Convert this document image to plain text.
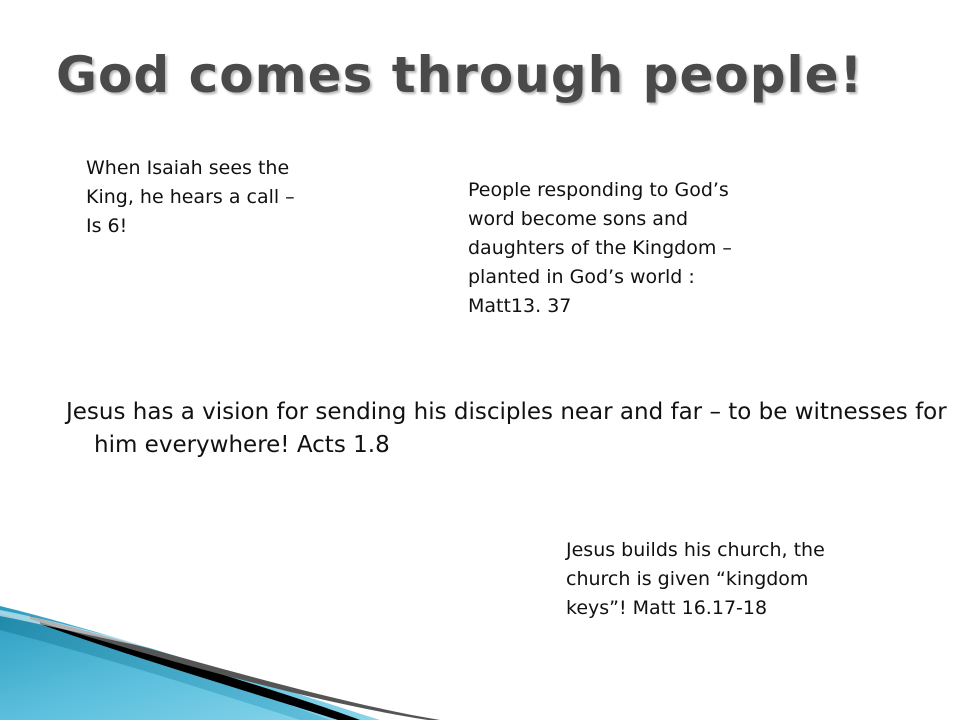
God comes through people!

When Isaiah sees the King, he hears a call – Is 6!

People responding to God’s word become sons and daughters of the Kingdom – planted in God’s world : Matt13. 37

Jesus has a vision for sending his disciples near and far – to be witnesses for him everywhere! Acts 1.8

Jesus builds his church, the church is given “kingdom keys”! Matt 16.17-18
